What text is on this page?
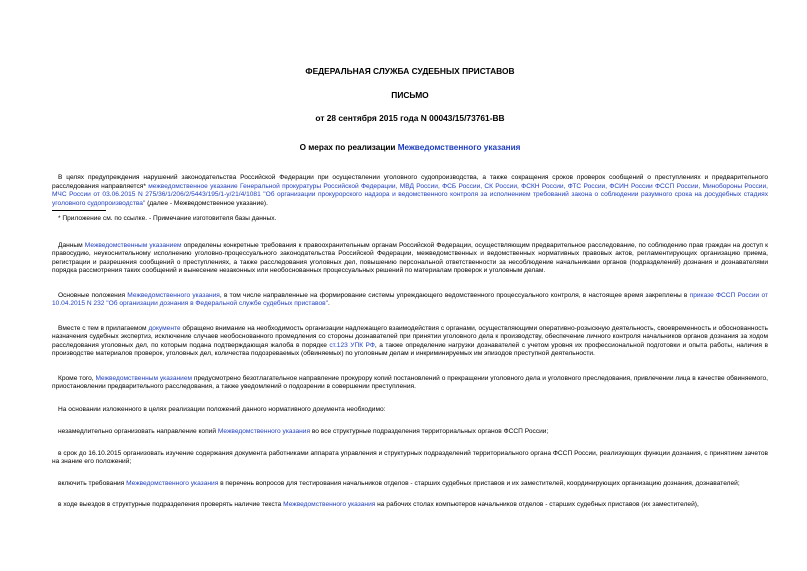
ФЕДЕРАЛЬНАЯ СЛУЖБА СУДЕБНЫХ ПРИСТАВОВ
ПИСЬМО
от 28 сентября 2015 года N 00043/15/73761-ВВ
О мерах по реализации Межведомственного указания

В целях предупреждения нарушений законодательства Российской Федерации при осуществлении уголовного судопроизводства, а также сокращения сроков проверок сообщений о преступлениях и предварительного расследования направляется* межведомственное указание Генеральной прокуратуры Российской Федерации, МВД России, ФСБ России, СК России, ФСКН России, ФТС России, ФСИН России ФССП России, Минобороны России, МЧС России от 03.06.2015 N 275/36/1/206/2/5443/195/1-у/21/4/1081 "Об организации прокурорского надзора и ведомственного контроля за исполнением требований закона о соблюдении разумного срока на досудебных стадиях уголовного судопроизводства" (далее - Межведомственное указание).

* Приложение см. по ссылке. - Примечание изготовителя базы данных.

Данным Межведомственным указанием определены конкретные требования к правоохранительным органам Российской Федерации, осуществляющим предварительное расследование, по соблюдению прав граждан на доступ к правосудию, неукоснительному исполнению уголовно-процессуального законодательства Российской Федерации, межведомственных и ведомственных нормативных правовых актов, регламентирующих организацию приема, регистрации и разрешения сообщений о преступлениях, а также расследования уголовных дел, повышению персональной ответственности за несоблюдение начальниками органов (подразделений) дознания и дознавателями порядка рассмотрения таких сообщений и вынесение незаконных или необоснованных процессуальных решений по материалам проверок и уголовным делам.

Основные положения Межведомственного указания, в том числе направленные на формирование системы упреждающего ведомственного процессуального контроля, в настоящее время закреплены в приказе ФССП России от 10.04.2015 N 232 "Об организации дознания в Федеральной службе судебных приставов".

Вместе с тем в прилагаемом документе обращено внимание на необходимость организации надлежащего взаимодействия с органами, осуществляющими оперативно-розыскную деятельность, своевременность и обоснованность назначения судебных экспертиз, исключение случаев необоснованного промедления со стороны дознавателей при принятии уголовного дела к производству, обеспечение личного контроля начальников органов дознания за ходом расследования уголовных дел, по которым подана подтверждающая жалоба в порядке ст.123 УПК РФ, а также определение нагрузки дознавателей с учетом уровня их профессиональной подготовки и опыта работы, наличия в производстве материалов проверок, уголовных дел, количества подозреваемых (обвиняемых) по уголовным делам и инкриминируемых им эпизодов преступной деятельности.

Кроме того, Межведомственным указанием предусмотрено безотлагательное направление прокурору копий постановлений о прекращении уголовного дела и уголовного преследования, привлечении лица в качестве обвиняемого, приостановлении предварительного расследования, а также уведомлений о подозрении в совершении преступления.

На основании изложенного в целях реализации положений данного нормативного документа необходимо:

незамедлительно организовать направление копий Межведомственного указания во все структурные подразделения территориальных органов ФССП России;

в срок до 16.10.2015 организовать изучение содержания документа работниками аппарата управления и структурных подразделений территориального органа ФССП России, реализующих функции дознания, с принятием зачетов на знание его положений;

включить требования Межведомственного указания в перечень вопросов для тестирования начальников отделов - старших судебных приставов и их заместителей, координирующих организацию дознания, дознавателей;

в ходе выездов в структурные подразделения проверять наличие текста Межведомственного указания на рабочих столах компьютеров начальников отделов - старших судебных приставов (их заместителей),
